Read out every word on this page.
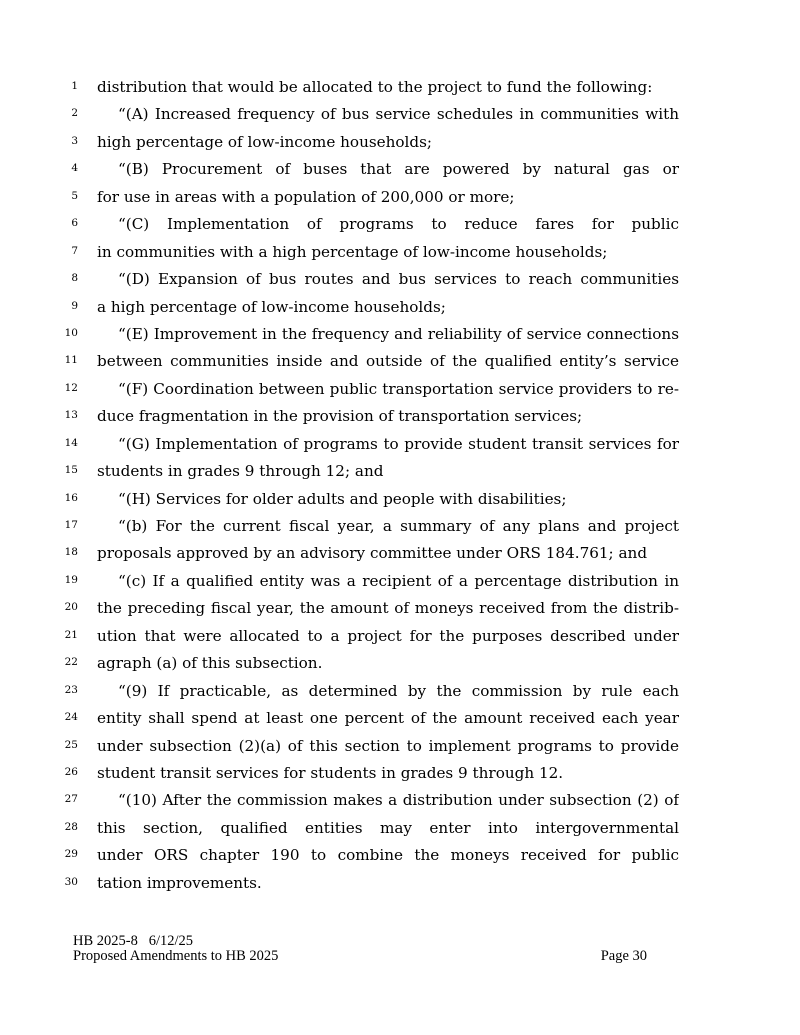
1 distribution that would be allocated to the project to fund the following:
2	“(A) Increased frequency of bus service schedules in communities with
3 high percentage of low-income households;
4	“(B) Procurement of buses that are powered by natural gas or
5 for use in areas with a population of 200,000 or more;
6	“(C) Implementation of programs to reduce fares for public
7 in communities with a high percentage of low-income households;
8	“(D) Expansion of bus routes and bus services to reach communities
9 a high percentage of low-income households;
10	“(E) Improvement in the frequency and reliability of service connections
11 between communities inside and outside of the qualified entity’s service
12	“(F) Coordination between public transportation service providers to re-
13 duce fragmentation in the provision of transportation services;
14	“(G) Implementation of programs to provide student transit services for
15 students in grades 9 through 12; and
16	“(H) Services for older adults and people with disabilities;
17	“(b) For the current fiscal year, a summary of any plans and project
18 proposals approved by an advisory committee under ORS 184.761; and
19	“(c) If a qualified entity was a recipient of a percentage distribution in
20 the preceding fiscal year, the amount of moneys received from the distrib-
21 ution that were allocated to a project for the purposes described under
22 agraph (a) of this subsection.
23	“(9) If practicable, as determined by the commission by rule each
24 entity shall spend at least one percent of the amount received each year
25 under subsection (2)(a) of this section to implement programs to provide
26 student transit services for students in grades 9 through 12.
27	“(10) After the commission makes a distribution under subsection (2) of
28 this section, qualified entities may enter into intergovernmental
29 under ORS chapter 190 to combine the moneys received for public
30 tation improvements.
HB 2025-8   6/12/25
Proposed Amendments to HB 2025	Page 30
